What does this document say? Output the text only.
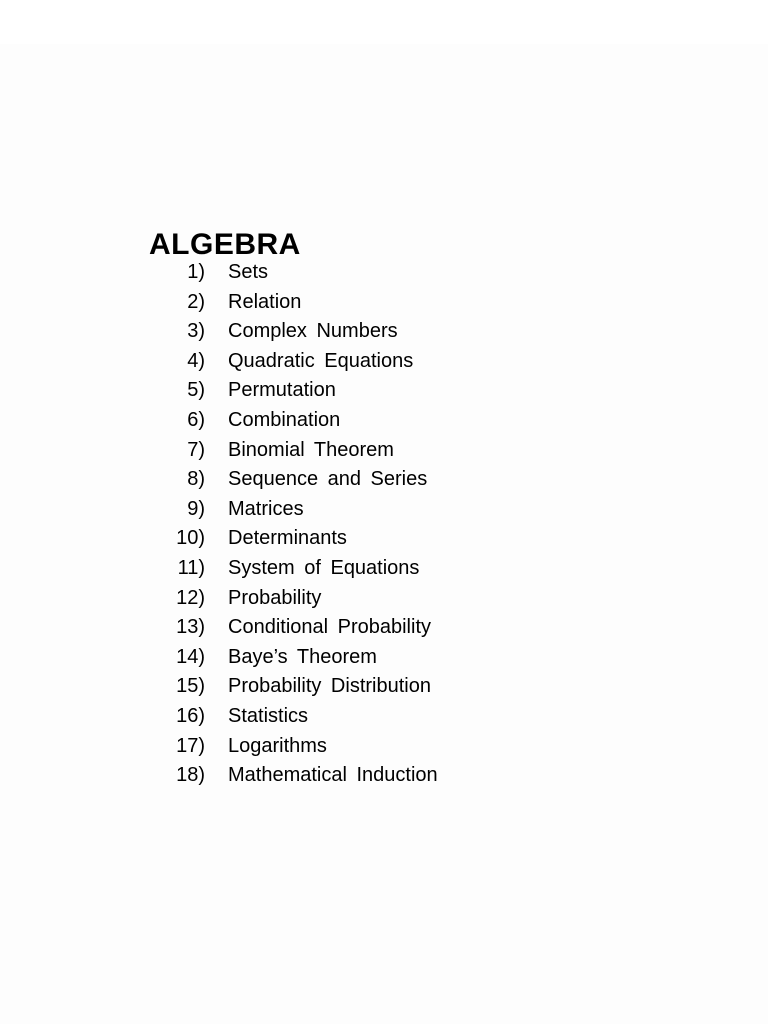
ALGEBRA
1) Sets
2) Relation
3) Complex Numbers
4) Quadratic Equations
5) Permutation
6) Combination
7) Binomial Theorem
8) Sequence and Series
9) Matrices
10) Determinants
11) System of Equations
12) Probability
13) Conditional Probability
14) Baye’s Theorem
15) Probability Distribution
16) Statistics
17) Logarithms
18) Mathematical Induction
